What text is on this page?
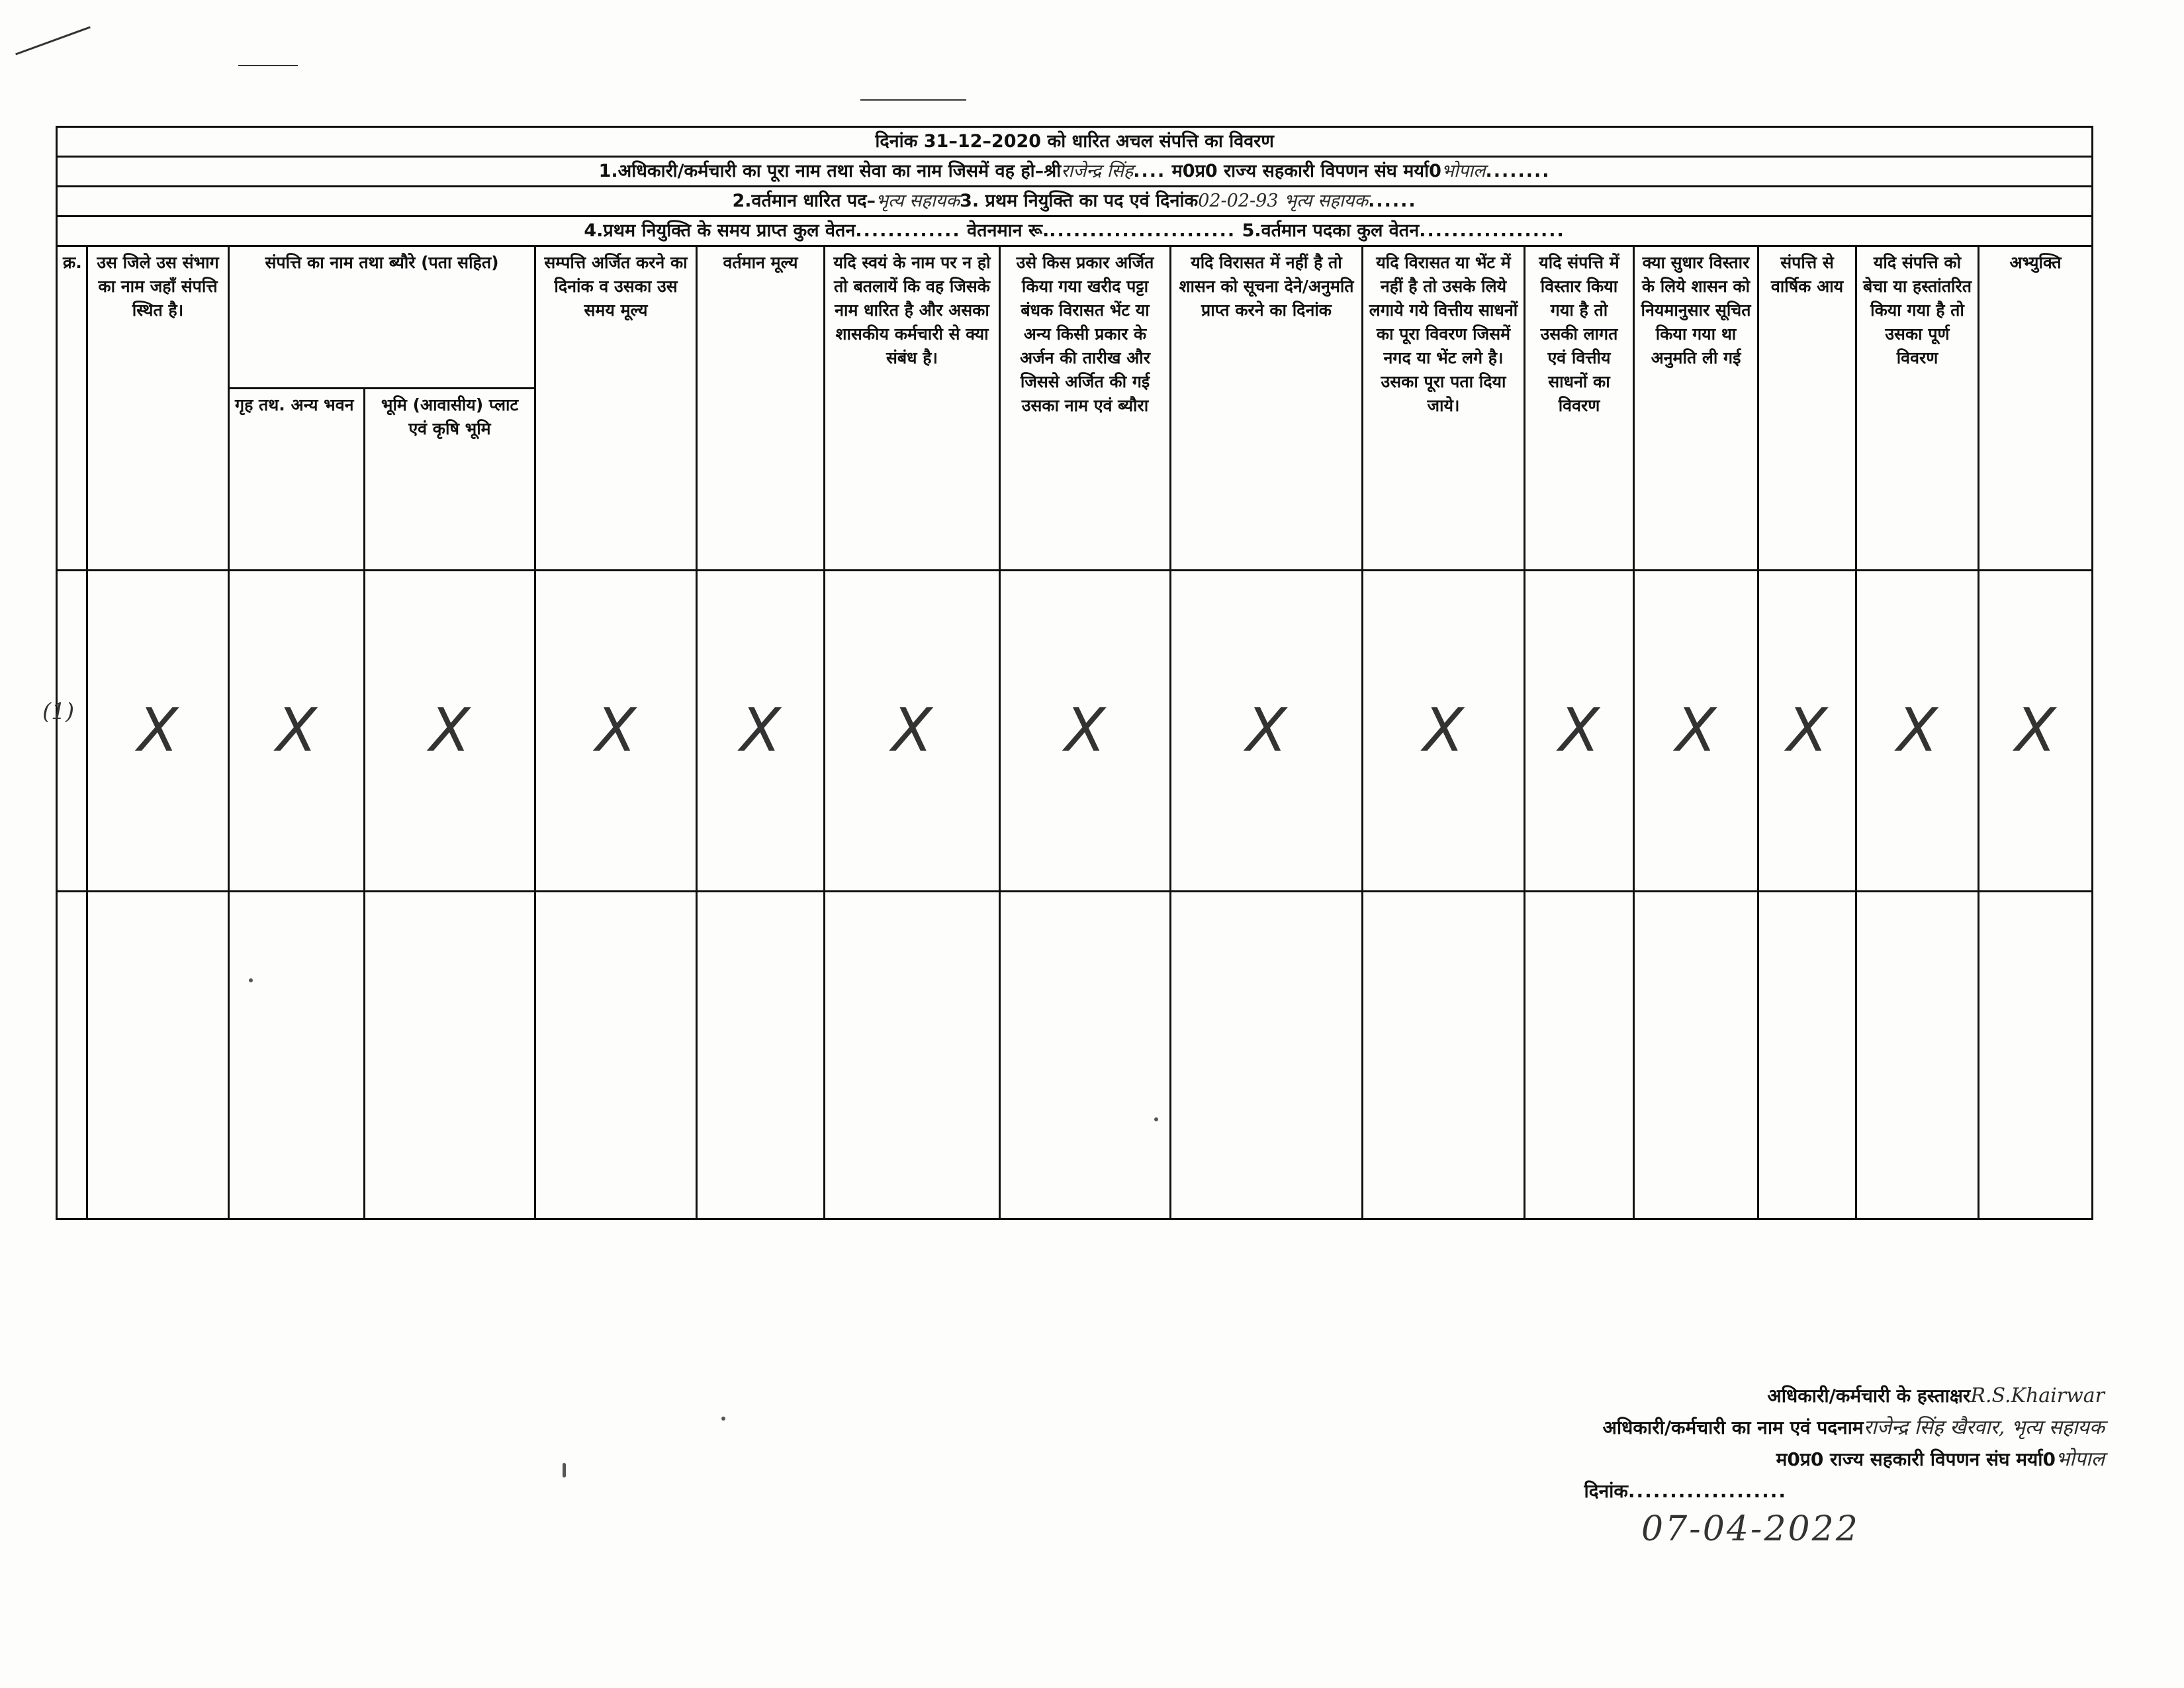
दिनांक 31–12–2020 को धारित अचल संपत्ति का विवरण														
1.अधिकारी/कर्मचारी का पूरा नाम तथा सेवा का नाम जिसमें वह हो–श्रीराजेन्द्र सिंह.... म0प्र0 राज्य सहकारी विपणन संघ मर्या0भोपाल........														
2.वर्तमान धारित पद–भृत्य सहायक3. प्रथम नियुक्ति का पद एवं दिनांक02-02-93 भृत्य सहायक......														
4.प्रथम नियुक्ति के समय प्राप्त कुल वेतन............. वेतनमान रू........................ 5.वर्तमान पदका कुल वेतन..................														
क्र.	उस जिले उस संभाग का नाम जहाँ संपत्ति स्थित है।	संपत्ति का नाम तथा ब्यौरे (पता सहित)		सम्पत्ति अर्जित करने का दिनांक व उसका उस समय मूल्य	वर्तमान मूल्य	यदि स्वयं के नाम पर न हो तो बतलायें कि वह जिसके नाम धारित है और असका शासकीय कर्मचारी से क्या संबंध है।	उसे किस प्रकार अर्जित किया गया खरीद पट्टा बंधक विरासत भेंट या अन्य किसी प्रकार के अर्जन की तारीख और जिससे अर्जित की गई उसका नाम एवं ब्यौरा	यदि विरासत में नहीं है तो शासन को सूचना देने/अनुमति प्राप्त करने का दिनांक	यदि विरासत या भेंट में नहीं है तो उसके लिये लगाये गये वित्तीय साधनों का पूरा विवरण जिसमें नगद या भेंट लगे है। उसका पूरा पता दिया जाये।	यदि संपत्ति में विस्तार किया गया है तो उसकी लागत एवं वित्तीय साधनों का विवरण	क्या सुधार विस्तार के लिये शासन को नियमानुसार सूचित किया गया था अनुमति ली गई	संपत्ति से वार्षिक आय	यदि संपत्ति को बेचा या हस्तांतरित किया गया है तो उसका पूर्ण विवरण	अभ्युक्ति
		गृह तथ. अन्य भवन	भूमि (आवासीय) प्लाट एवं कृषि भूमि											
	X	X	X	X	X	X	X	X	X	X	X	X	X	X

(1)
अधिकारी/कर्मचारी के हस्ताक्षरR.S.Khairwar
अधिकारी/कर्मचारी का नाम एवं पदनामराजेन्द्र सिंह खैरवार, भृत्य सहायक
म0प्र0 राज्य सहकारी विपणन संघ मर्या0भोपाल
दिनांक...................
07-04-2022
